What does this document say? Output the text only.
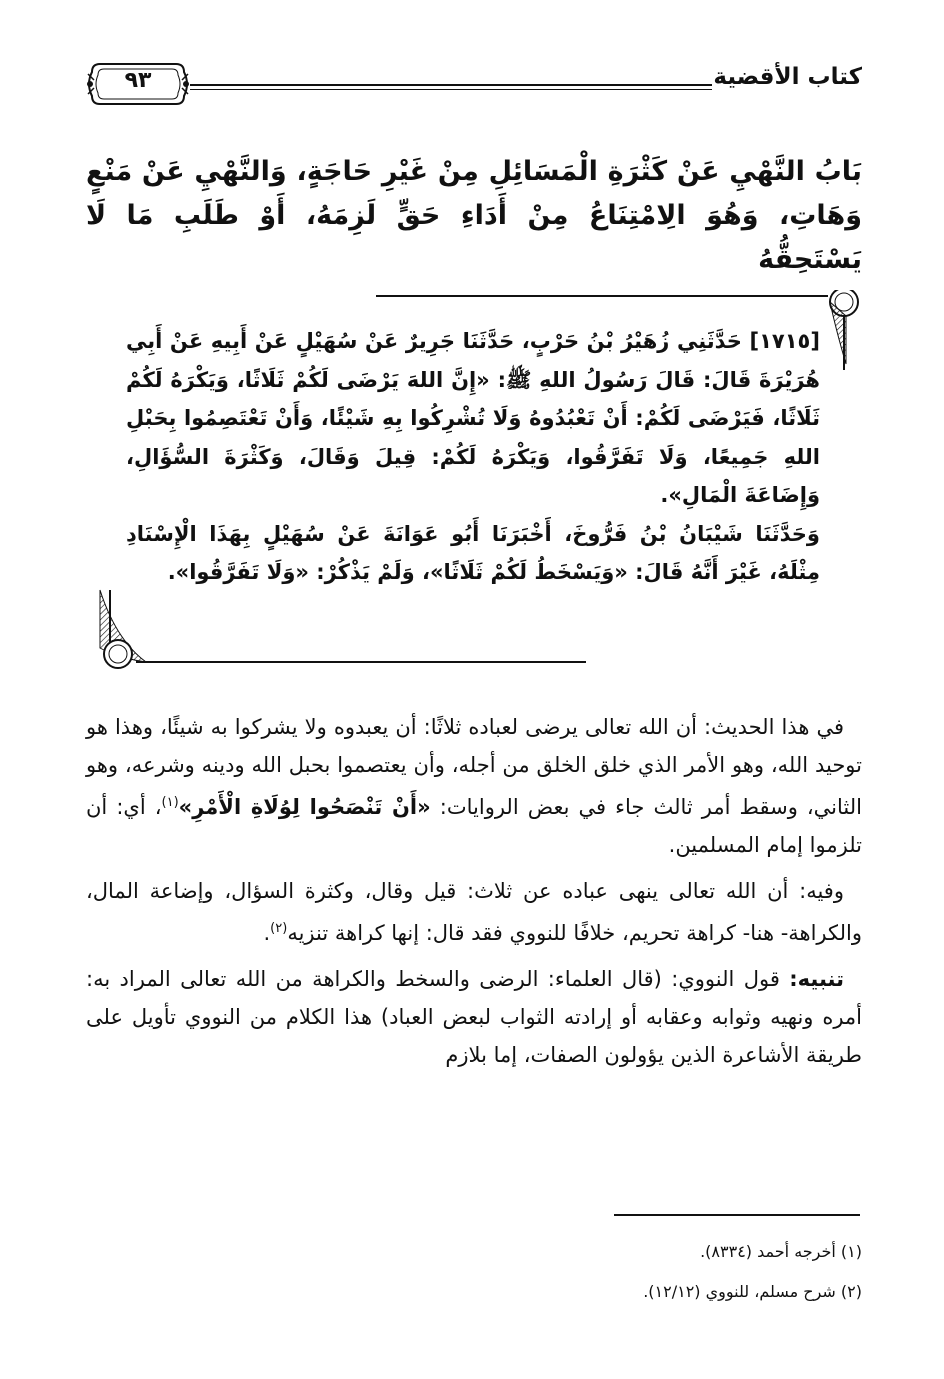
كتاب الأقضية
٩٣
بَابُ النَّهْيِ عَنْ كَثْرَةِ الْمَسَائِلِ مِنْ غَيْرِ حَاجَةٍ، وَالنَّهْيِ عَنْ مَنْعٍ وَهَاتِ، وَهُوَ الِامْتِنَاعُ مِنْ أَدَاءِ حَقٍّ لَزِمَهُ، أَوْ طَلَبِ مَا لَا يَسْتَحِقُّهُ

[١٧١٥] حَدَّثَنِي زُهَيْرُ بْنُ حَرْبٍ، حَدَّثَنَا جَرِيرٌ عَنْ سُهَيْلٍ عَنْ أَبِيهِ عَنْ أَبِي هُرَيْرَةَ قَالَ: قَالَ رَسُولُ اللهِ ﷺ: «إِنَّ اللهَ يَرْضَى لَكُمْ ثَلَاثًا، وَيَكْرَهُ لَكُمْ ثَلَاثًا، فَيَرْضَى لَكُمْ: أَنْ تَعْبُدُوهُ وَلَا تُشْرِكُوا بِهِ شَيْئًا، وَأَنْ تَعْتَصِمُوا بِحَبْلِ اللهِ جَمِيعًا، وَلَا تَفَرَّقُوا، وَيَكْرَهُ لَكُمْ: قِيلَ وَقَالَ، وَكَثْرَةَ السُّؤَالِ، وَإِضَاعَةَ الْمَالِ».

وَحَدَّثَنَا شَيْبَانُ بْنُ فَرُّوخَ، أَخْبَرَنَا أَبُو عَوَانَةَ عَنْ سُهَيْلٍ بِهَذَا الْإِسْنَادِ مِثْلَهُ، غَيْرَ أَنَّهُ قَالَ: «وَيَسْخَطُ لَكُمْ ثَلَاثًا»، وَلَمْ يَذْكُرْ: «وَلَا تَفَرَّقُوا».

في هذا الحديث: أن الله تعالى يرضى لعباده ثلاثًا: أن يعبدوه ولا يشركوا به شيئًا، وهذا هو توحيد الله، وهو الأمر الذي خلق الخلق من أجله، وأن يعتصموا بحبل الله ودينه وشرعه، وهو الثاني، وسقط أمر ثالث جاء في بعض الروايات: «أَنْ تَنْصَحُوا لِوُلَاةِ الْأَمْرِ»$^{(١)}$، أي: أن تلزموا إمام المسلمين.

وفيه: أن الله تعالى ينهى عباده عن ثلاث: قيل وقال، وكثرة السؤال، وإضاعة المال، والكراهة- هنا- كراهة تحريم، خلافًا للنووي فقد قال: إنها كراهة تنزيه$^{(٢)}$.

تنبيه: قول النووي: (قال العلماء: الرضى والسخط والكراهة من الله تعالى المراد به: أمره ونهيه وثوابه وعقابه أو إرادته الثواب لبعض العباد) هذا الكلام من النووي تأويل على طريقة الأشاعرة الذين يؤولون الصفات، إما بلازم

(١) أخرجه أحمد (٨٣٣٤).

(٢) شرح مسلم، للنووي (١٢/١٢).
